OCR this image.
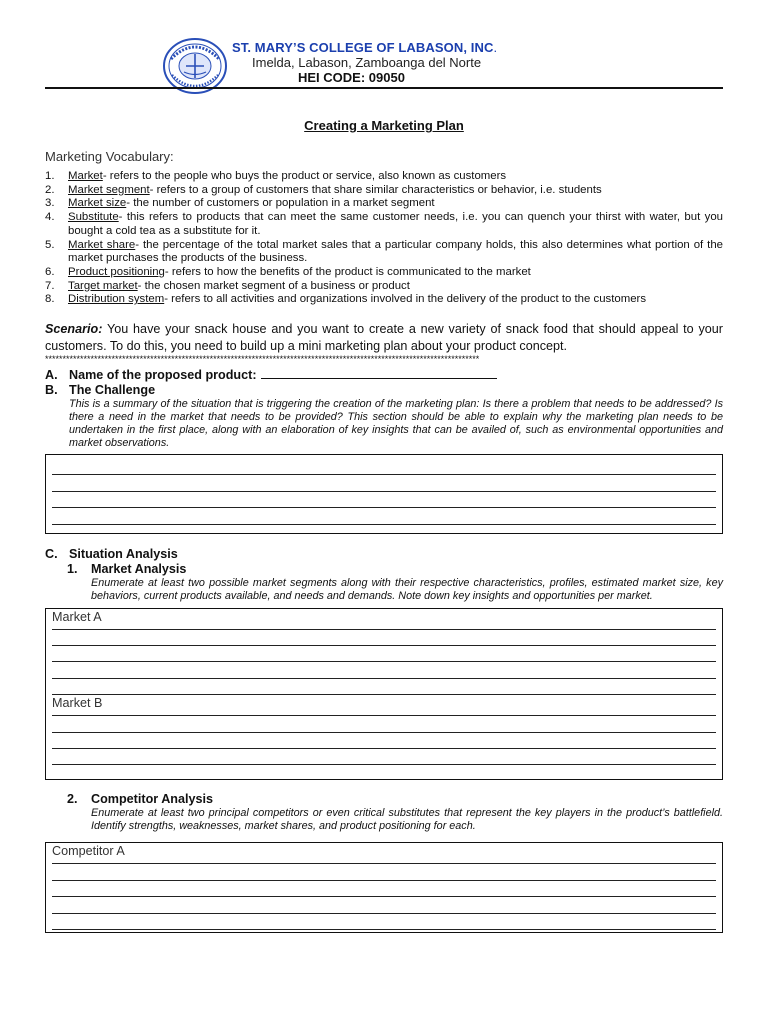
ST. MARY’S COLLEGE OF LABASON, INC.
Imelda, Labason, Zamboanga del Norte
HEI CODE: 09050
Creating a Marketing Plan
Marketing Vocabulary:
1. Market- refers to the people who buys the product or service, also known as customers
2. Market segment- refers to a group of customers that share similar characteristics or behavior, i.e. students
3. Market size- the number of customers or population in a market segment
4. Substitute- this refers to products that can meet the same customer needs, i.e. you can quench your thirst with water, but you bought a cold tea as a substitute for it.
5. Market share- the percentage of the total market sales that a particular company holds, this also determines what portion of the market purchases the products of the business.
6. Product positioning- refers to how the benefits of the product is communicated to the market
7. Target market- the chosen market segment of a business or product
8. Distribution system- refers to all activities and organizations involved in the delivery of the product to the customers
Scenario: You have your snack house and you want to create a new variety of snack food that should appeal to your customers. To do this, you need to build up a mini marketing plan about your product concept.
****************************************************************************************************************************
A. Name of the proposed product:
B. The Challenge
This is a summary of the situation that is triggering the creation of the marketing plan: Is there a problem that needs to be addressed? Is there a need in the market that needs to be provided? This section should be able to explain why the marketing plan needs to be undertaken in the first place, along with an elaboration of key insights that can be availed of, such as environmental opportunities and market observations.
C. Situation Analysis
1. Market Analysis
Enumerate at least two possible market segments along with their respective characteristics, profiles, estimated market size, key behaviors, current products available, and needs and demands. Note down key insights and opportunities per market.
Market A
Market B
2. Competitor Analysis
Enumerate at least two principal competitors or even critical substitutes that represent the key players in the product’s battlefield. Identify strengths, weaknesses, market shares, and product positioning for each.
Competitor A
